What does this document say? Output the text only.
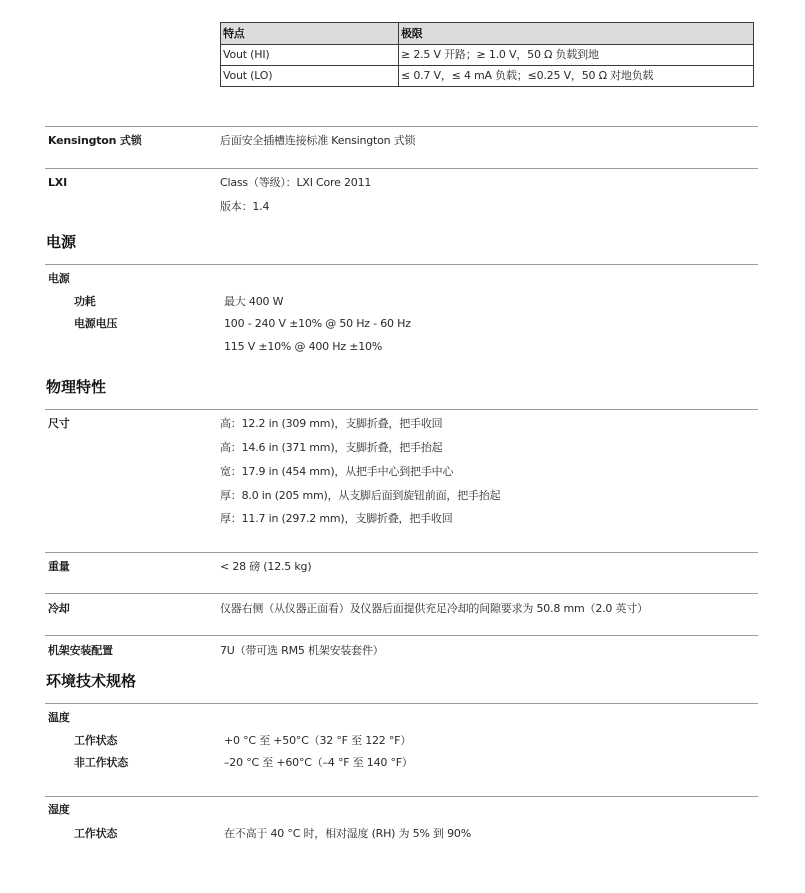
特点	极限
Vout (HI)	≥ 2.5 V 开路；≥ 1.0 V，50 Ω 负载到地
Vout (LO)	≤ 0.7 V，≤ 4 mA 负载；≤0.25 V，50 Ω 对地负载
Kensington 式锁	后面安全插槽连接标准 Kensington 式锁
LXI	Class（等级）：LXI Core 2011
版本：1.4
电源
电源
功耗	最大 400 W
电源电压	100 - 240 V ±10% @ 50 Hz - 60 Hz
115 V ±10% @ 400 Hz ±10%
物理特性
尺寸	高：12.2 in (309 mm)，支脚折叠，把手收回
高：14.6 in (371 mm)，支脚折叠，把手抬起
宽：17.9 in (454 mm)，从把手中心到把手中心
厚：8.0 in (205 mm)，从支脚后面到旋钮前面，把手抬起
厚：11.7 in (297.2 mm)，支脚折叠，把手收回
重量	< 28 磅 (12.5 kg)
冷却	仪器右侧（从仪器正面看）及仪器后面提供充足冷却的间隙要求为 50.8 mm（2.0 英寸）
机架安装配置	7U（带可选 RM5 机架安装套件）
环境技术规格
温度
工作状态	+0 °C 至 +50°C（32 °F 至 122 °F）
非工作状态	–20 °C 至 +60°C（–4 °F 至 140 °F）
湿度
工作状态	在不高于 40 °C 时，相对湿度 (RH) 为 5% 到 90%
